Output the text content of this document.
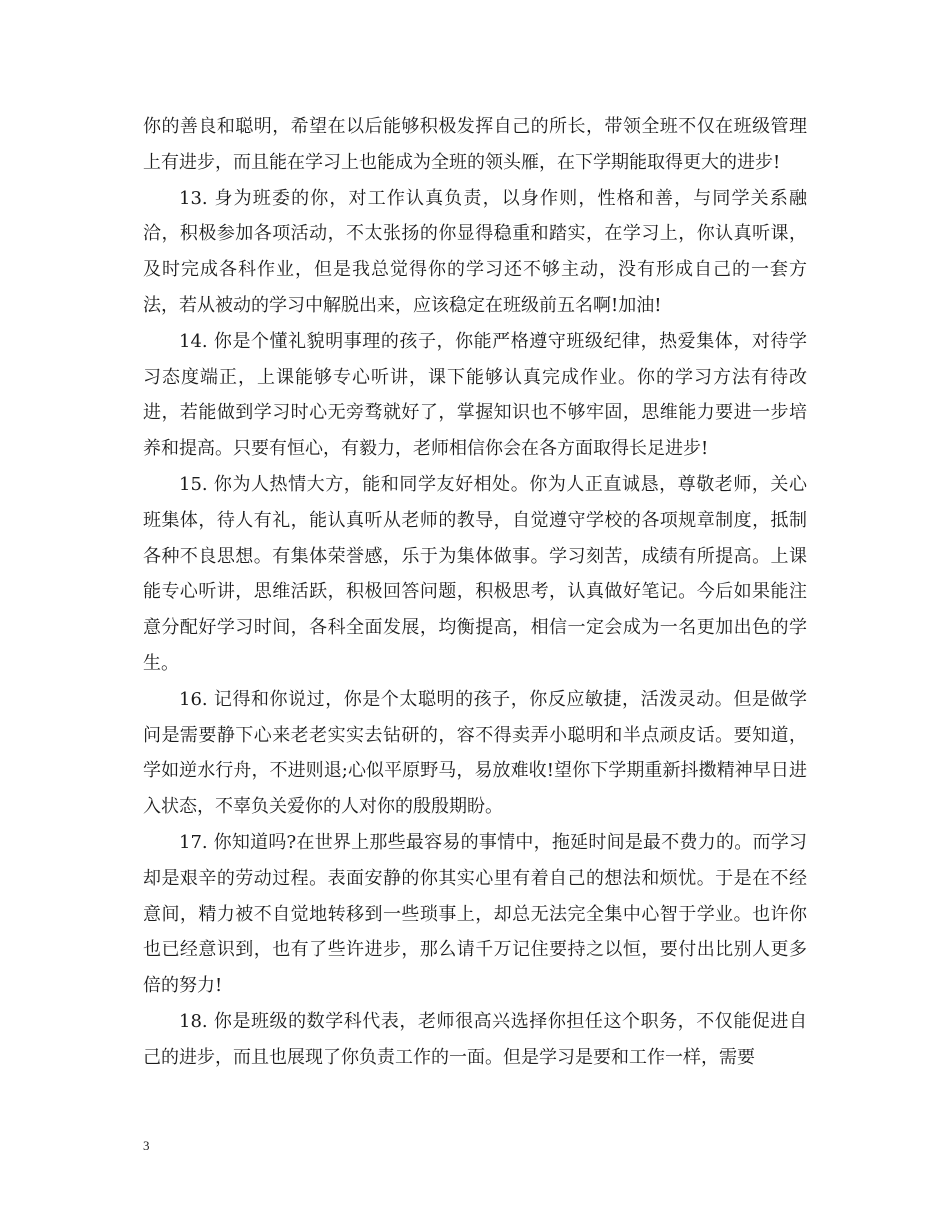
你的善良和聪明，希望在以后能够积极发挥自己的所长，带领全班不仅在班级管理上有进步，而且能在学习上也能成为全班的领头雁，在下学期能取得更大的进步!

13. 身为班委的你，对工作认真负责，以身作则，性格和善，与同学关系融洽，积极参加各项活动，不太张扬的你显得稳重和踏实，在学习上，你认真听课，及时完成各科作业，但是我总觉得你的学习还不够主动，没有形成自己的一套方法，若从被动的学习中解脱出来，应该稳定在班级前五名啊!加油!

14. 你是个懂礼貌明事理的孩子，你能严格遵守班级纪律，热爱集体，对待学习态度端正，上课能够专心听讲，课下能够认真完成作业。你的学习方法有待改进，若能做到学习时心无旁骛就好了，掌握知识也不够牢固，思维能力要进一步培养和提高。只要有恒心，有毅力，老师相信你会在各方面取得长足进步!

15. 你为人热情大方，能和同学友好相处。你为人正直诚恳，尊敬老师，关心班集体，待人有礼，能认真听从老师的教导，自觉遵守学校的各项规章制度，抵制各种不良思想。有集体荣誉感，乐于为集体做事。学习刻苦，成绩有所提高。上课能专心听讲，思维活跃，积极回答问题，积极思考，认真做好笔记。今后如果能注意分配好学习时间，各科全面发展，均衡提高，相信一定会成为一名更加出色的学生。

16. 记得和你说过，你是个太聪明的孩子，你反应敏捷，活泼灵动。但是做学问是需要静下心来老老实实去钻研的，容不得卖弄小聪明和半点顽皮话。要知道，学如逆水行舟，不进则退;心似平原野马，易放难收!望你下学期重新抖擞精神早日进入状态，不辜负关爱你的人对你的殷殷期盼。

17. 你知道吗?在世界上那些最容易的事情中，拖延时间是最不费力的。而学习却是艰辛的劳动过程。表面安静的你其实心里有着自己的想法和烦忧。于是在不经意间，精力被不自觉地转移到一些琐事上，却总无法完全集中心智于学业。也许你也已经意识到，也有了些许进步，那么请千万记住要持之以恒，要付出比别人更多倍的努力!

18. 你是班级的数学科代表，老师很高兴选择你担任这个职务，不仅能促进自己的进步，而且也展现了你负责工作的一面。但是学习是要和工作一样，需要

3
